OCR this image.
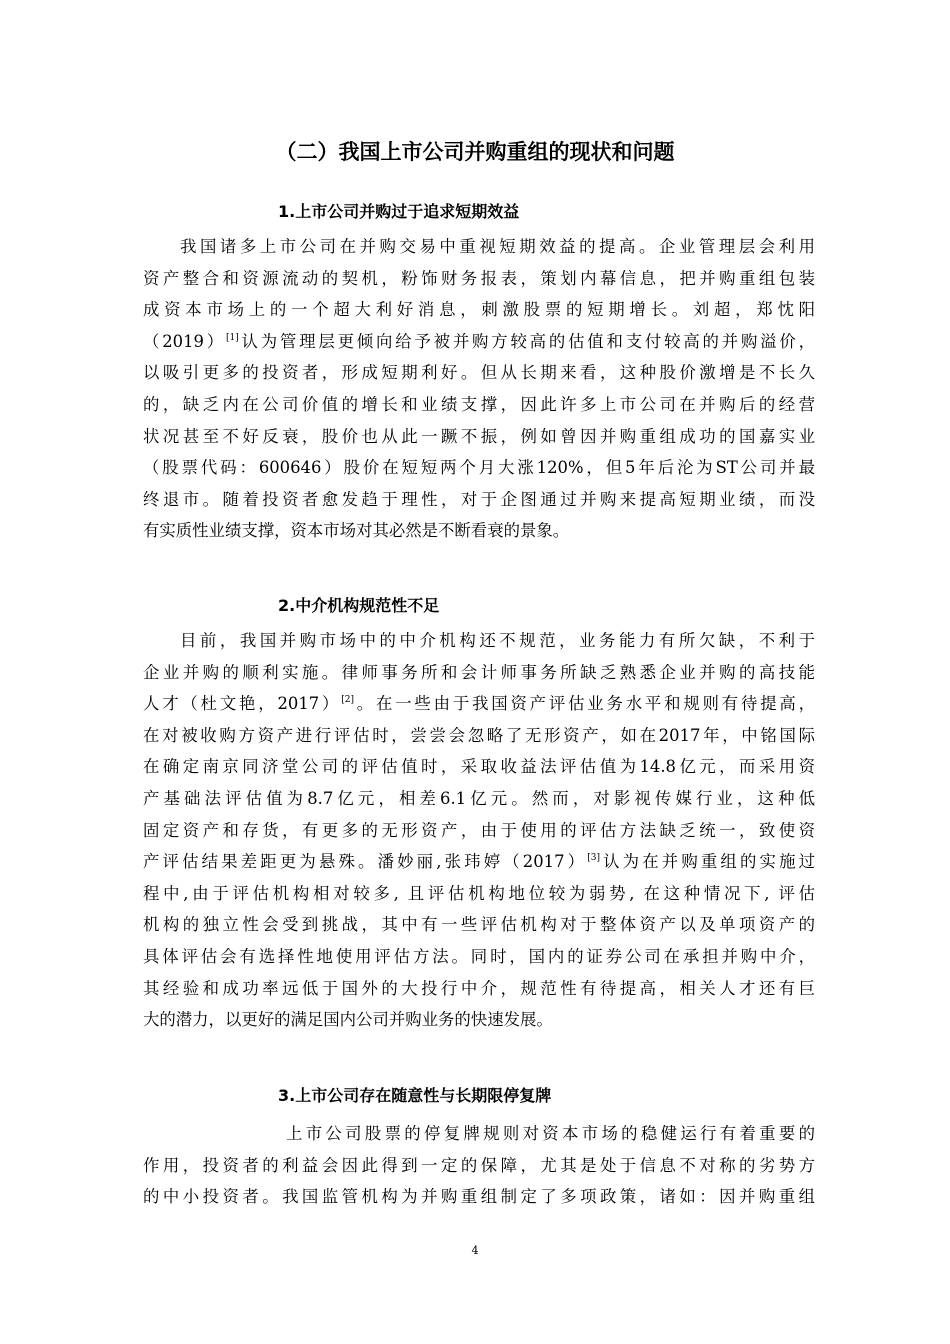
（二）我国上市公司并购重组的现状和问题
1.上市公司并购过于追求短期效益
我国诸多上市公司在并购交易中重视短期效益的提高。企业管理层会利用
资产整合和资源流动的契机，粉饰财务报表，策划内幕信息，把并购重组包装
成资本市场上的一个超大利好消息，刺激股票的短期增长。刘超，郑忱阳
（2019）[1]认为管理层更倾向给予被并购方较高的估值和支付较高的并购溢价，
以吸引更多的投资者，形成短期利好。但从长期来看，这种股价激增是不长久
的，缺乏内在公司价值的增长和业绩支撑，因此许多上市公司在并购后的经营
状况甚至不好反衰，股价也从此一蹶不振，例如曾因并购重组成功的国嘉实业
（股票代码：600646）股价在短短两个月大涨120%，但5年后沦为ST公司并最
终退市。随着投资者愈发趋于理性，对于企图通过并购来提高短期业绩，而没
有实质性业绩支撑，资本市场对其必然是不断看衰的景象。
2.中介机构规范性不足
目前，我国并购市场中的中介机构还不规范，业务能力有所欠缺，不利于
企业并购的顺利实施。律师事务所和会计师事务所缺乏熟悉企业并购的高技能
人才（杜文艳，2017）[2]。在一些由于我国资产评估业务水平和规则有待提高，
在对被收购方资产进行评估时，尝尝会忽略了无形资产，如在2017年，中铭国际
在确定南京同济堂公司的评估值时，采取收益法评估值为14.8亿元，而采用资
产基础法评估值为8.7亿元，相差6.1亿元。然而，对影视传媒行业，这种低
固定资产和存货，有更多的无形资产，由于使用的评估方法缺乏统一，致使资
产评估结果差距更为悬殊。潘妙丽,张玮婷（2017）[3]认为在并购重组的实施过
程中,由于评估机构相对较多, 且评估机构地位较为弱势, 在这种情况下, 评估
机构的独立性会受到挑战，其中有一些评估机构对于整体资产以及单项资产的
具体评估会有选择性地使用评估方法。同时，国内的证券公司在承担并购中介，
其经验和成功率远低于国外的大投行中介，规范性有待提高，相关人才还有巨
大的潜力，以更好的满足国内公司并购业务的快速发展。
3.上市公司存在随意性与长期限停复牌
上市公司股票的停复牌规则对资本市场的稳健运行有着重要的
作用，投资者的利益会因此得到一定的保障，尤其是处于信息不对称的劣势方
的中小投资者。我国监管机构为并购重组制定了多项政策，诸如：因并购重组
4
